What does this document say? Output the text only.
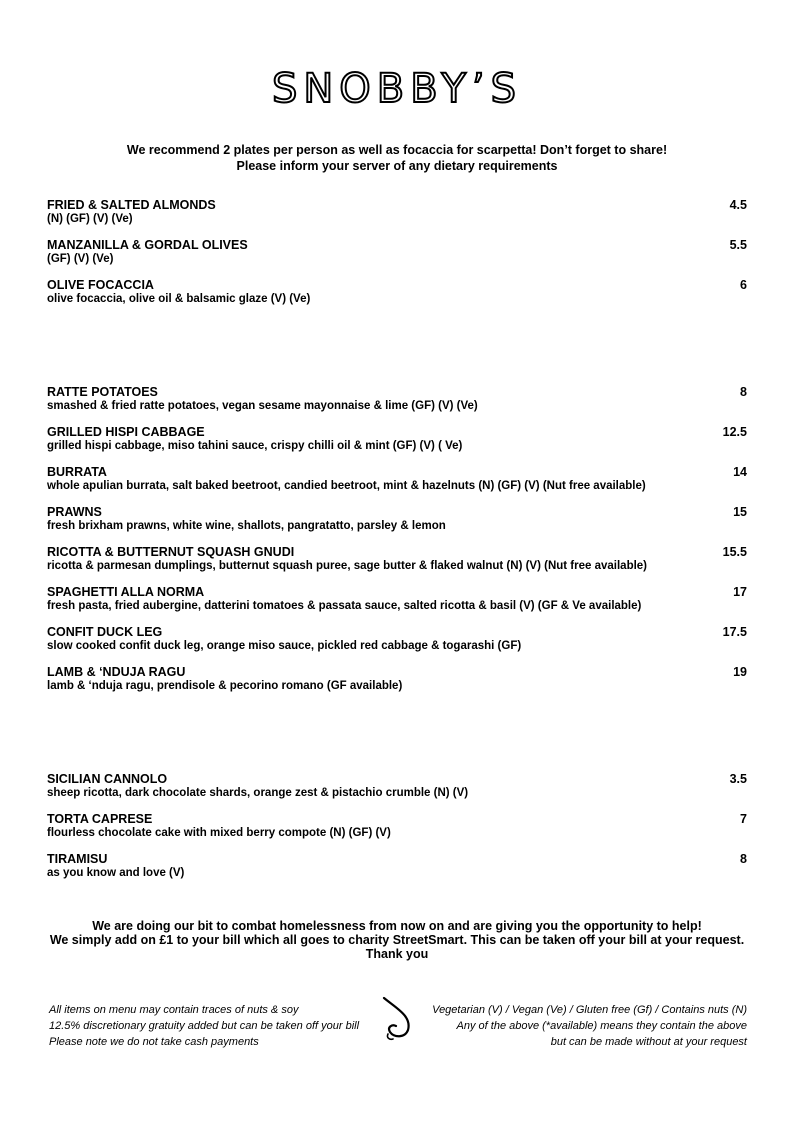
SNOBBY’S
We recommend 2 plates per person as well as focaccia for scarpetta! Don’t forget to share!
Please inform your server of any dietary requirements
FRIED & SALTED ALMONDS
(N) (GF) (V) (Ve)
4.5
MANZANILLA & GORDAL OLIVES
(GF) (V) (Ve)
5.5
OLIVE FOCACCIA
olive focaccia, olive oil & balsamic glaze (V) (Ve)
6
RATTE POTATOES
smashed & fried ratte potatoes, vegan sesame mayonnaise & lime (GF) (V) (Ve)
8
GRILLED HISPI CABBAGE
grilled hispi cabbage, miso tahini sauce, crispy chilli oil & mint (GF) (V) ( Ve)
12.5
BURRATA
whole apulian burrata, salt baked beetroot, candied beetroot, mint & hazelnuts (N) (GF) (V) (Nut free available)
14
PRAWNS
fresh brixham prawns, white wine, shallots, pangratatto, parsley & lemon
15
RICOTTA & BUTTERNUT SQUASH GNUDI
ricotta & parmesan dumplings, butternut squash puree, sage butter & flaked walnut (N) (V) (Nut free available)
15.5
SPAGHETTI ALLA NORMA
fresh pasta, fried aubergine, datterini tomatoes & passata sauce, salted ricotta & basil (V) (GF & Ve available)
17
CONFIT DUCK LEG
slow cooked confit duck leg, orange miso sauce, pickled red cabbage & togarashi (GF)
17.5
LAMB & ‘NDUJA RAGU
lamb & ‘nduja ragu, prendisole & pecorino romano (GF available)
19
SICILIAN CANNOLO
sheep ricotta, dark chocolate shards, orange zest & pistachio crumble (N) (V)
3.5
TORTA CAPRESE
flourless chocolate cake with mixed berry compote (N) (GF) (V)
7
TIRAMISU
as you know and love (V)
8
We are doing our bit to combat homelessness from now on and are giving you the opportunity to help!
We simply add on £1 to your bill which all goes to charity StreetSmart. This can be taken off your bill at your request.
Thank you
All items on menu may contain traces of nuts & soy
12.5% discretionary gratuity added but can be taken off your bill
Please note we do not take cash payments
Vegetarian (V) / Vegan (Ve) / Gluten free (Gf) / Contains nuts (N)
Any of the above (*available) means they contain the above
but can be made without at your request
